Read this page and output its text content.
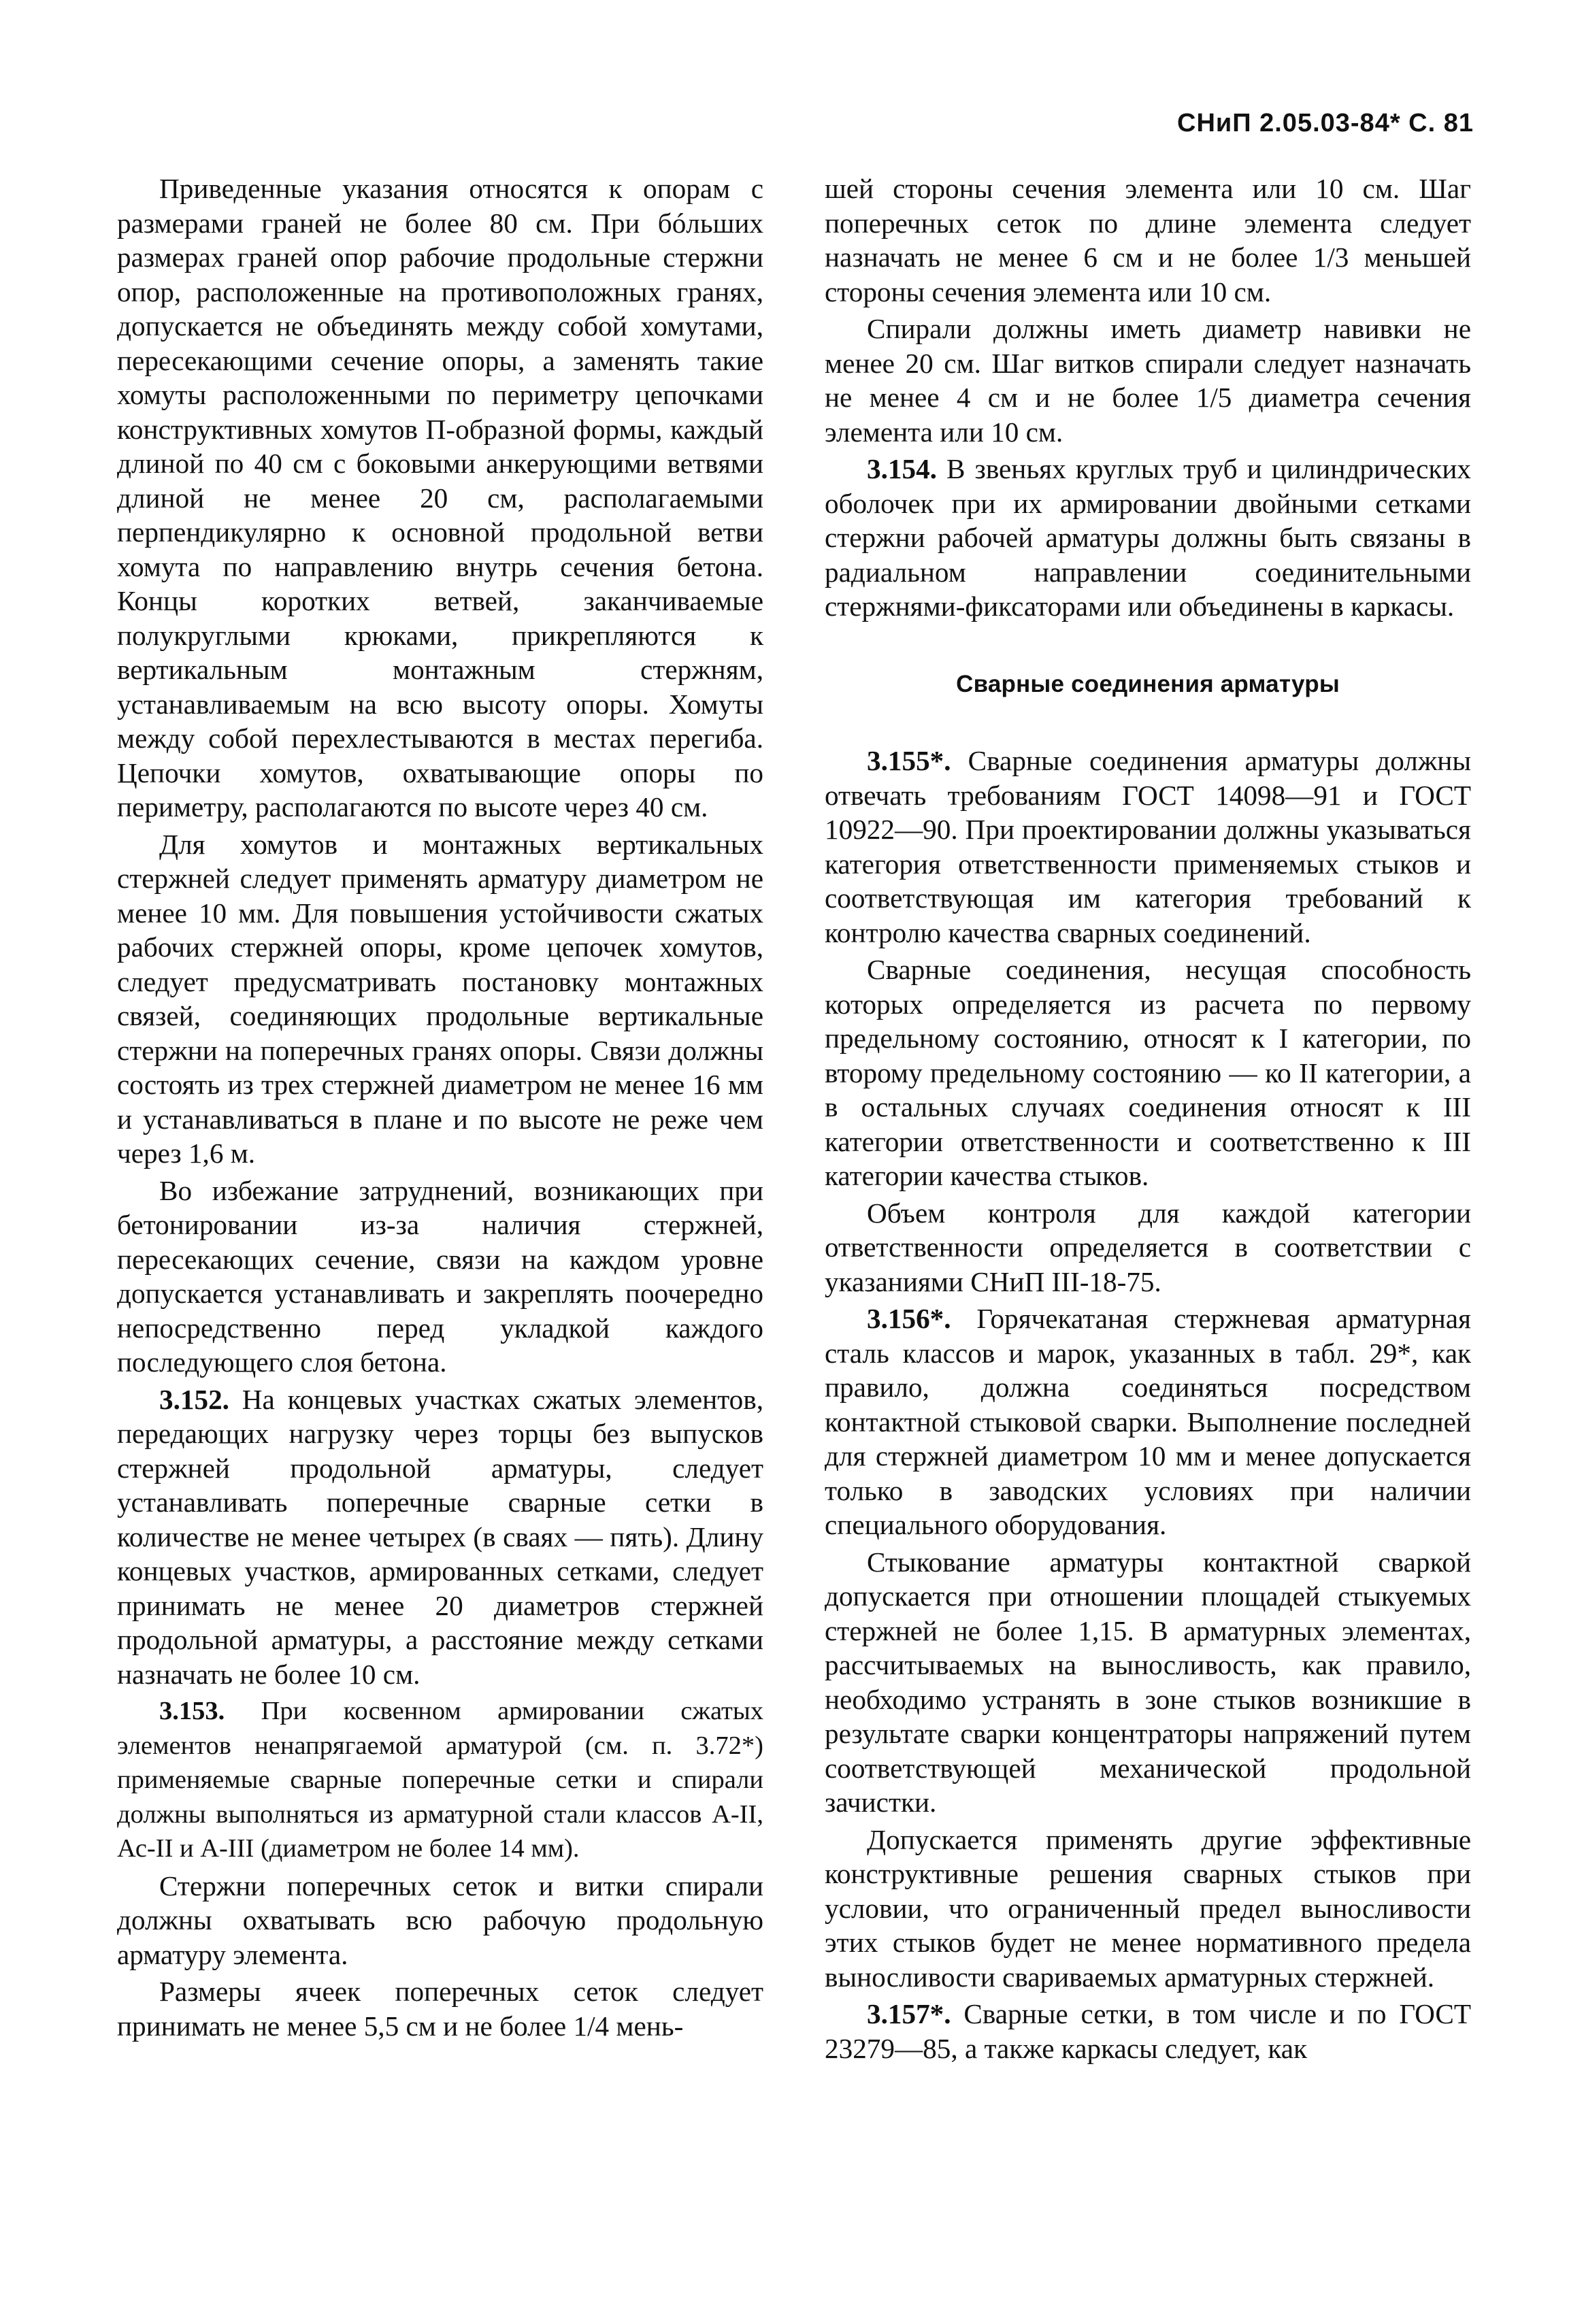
СНиП 2.05.03-84* С. 81

Приведенные указания относятся к опорам с размерами граней не более 80 см. При бóльших размерах граней опор рабочие продольные стержни опор, расположенные на противоположных гранях, допускается не объединять между собой хомутами, пересекающими сечение опоры, а заменять такие хомуты расположенными по периметру цепочками конструктивных хомутов П-образной формы, каждый длиной по 40 см с боковыми анкерующими ветвями длиной не менее 20 см, располагаемыми перпендикулярно к основной продольной ветви хомута по направлению внутрь сечения бетона. Концы коротких ветвей, заканчиваемые полукруглыми крюками, прикрепляются к вертикальным монтажным стержням, устанавливаемым на всю высоту опоры. Хомуты между собой перехлестываются в местах перегиба. Цепочки хомутов, охватывающие опоры по периметру, располагаются по высоте через 40 см.

Для хомутов и монтажных вертикальных стержней следует применять арматуру диаметром не менее 10 мм. Для повышения устойчивости сжатых рабочих стержней опоры, кроме цепочек хомутов, следует предусматривать постановку монтажных связей, соединяющих продольные вертикальные стержни на поперечных гранях опоры. Связи должны состоять из трех стержней диаметром не менее 16 мм и устанавливаться в плане и по высоте не реже чем через 1,6 м.

Во избежание затруднений, возникающих при бетонировании из-за наличия стержней, пересекающих сечение, связи на каждом уровне допускается устанавливать и закреплять поочередно непосредственно перед укладкой каждого последующего слоя бетона.

3.152. На концевых участках сжатых элементов, передающих нагрузку через торцы без выпусков стержней продольной арматуры, следует устанавливать поперечные сварные сетки в количестве не менее четырех (в сваях — пять). Длину концевых участков, армированных сетками, следует принимать не менее 20 диаметров стержней продольной арматуры, а расстояние между сетками назначать не более 10 см.

3.153. При косвенном армировании сжатых элементов ненапрягаемой арматурой (см. п. 3.72*) применяемые сварные поперечные сетки и спирали должны выполняться из арматурной стали классов А-II, Ас-II и А-III (диаметром не более 14 мм).

Стержни поперечных сеток и витки спирали должны охватывать всю рабочую продольную арматуру элемента.

Размеры ячеек поперечных сеток следует принимать не менее 5,5 см и не более 1/4 мень-

шей стороны сечения элемента или 10 см. Шаг поперечных сеток по длине элемента следует назначать не менее 6 см и не более 1/3 меньшей стороны сечения элемента или 10 см.

Спирали должны иметь диаметр навивки не менее 20 см. Шаг витков спирали следует назначать не менее 4 см и не более 1/5 диаметра сечения элемента или 10 см.

3.154. В звеньях круглых труб и цилиндрических оболочек при их армировании двойными сетками стержни рабочей арматуры должны быть связаны в радиальном направлении соединительными стержнями-фиксаторами или объединены в каркасы.

Сварные соединения арматуры

3.155*. Сварные соединения арматуры должны отвечать требованиям ГОСТ 14098—91 и ГОСТ 10922—90. При проектировании должны указываться категория ответственности применяемых стыков и соответствующая им категория требований к контролю качества сварных соединений.

Сварные соединения, несущая способность которых определяется из расчета по первому предельному состоянию, относят к I категории, по второму предельному состоянию — ко II категории, а в остальных случаях соединения относят к III категории ответственности и соответственно к III категории качества стыков.

Объем контроля для каждой категории ответственности определяется в соответствии с указаниями СНиП III-18-75.

3.156*. Горячекатаная стержневая арматурная сталь классов и марок, указанных в табл. 29*, как правило, должна соединяться посредством контактной стыковой сварки. Выполнение последней для стержней диаметром 10 мм и менее допускается только в заводских условиях при наличии специального оборудования.

Стыкование арматуры контактной сваркой допускается при отношении площадей стыкуемых стержней не более 1,15. В арматурных элементах, рассчитываемых на выносливость, как правило, необходимо устранять в зоне стыков возникшие в результате сварки концентраторы напряжений путем соответствующей механической продольной зачистки.

Допускается применять другие эффективные конструктивные решения сварных стыков при условии, что ограниченный предел выносливости этих стыков будет не менее нормативного предела выносливости свариваемых арматурных стержней.

3.157*. Сварные сетки, в том числе и по ГОСТ 23279—85, а также каркасы следует, как
